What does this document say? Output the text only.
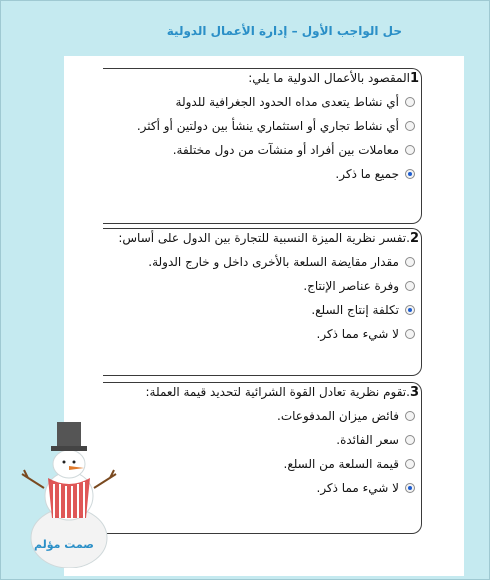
حل الواجب الأول – إدارة الأعمال الدولية
1المقصود بالأعمال الدولية ما يلي:
أي نشاط يتعدى مداه الحدود الجغرافية للدولة
أي نشاط تجاري أو استثماري ينشأ بين دولتين أو أكثر.
معاملات بين أفراد أو منشآت من دول مختلفة.
جميع ما ذكر.
2.تفسر نظرية الميزة النسبية للتجارة بين الدول على أساس:
مقدار مقايضة السلعة بالأخرى داخل و خارج الدولة.
وفرة عناصر الإنتاج.
تكلفة إنتاج السلع.
لا شيء مما ذكر.
3.تقوم نظرية تعادل القوة الشرائية لتحديد قيمة العملة:
فائض ميزان المدفوعات.
سعر الفائدة.
قيمة السلعة من السلع.
لا شيء مما ذكر.
صمت مؤلم
